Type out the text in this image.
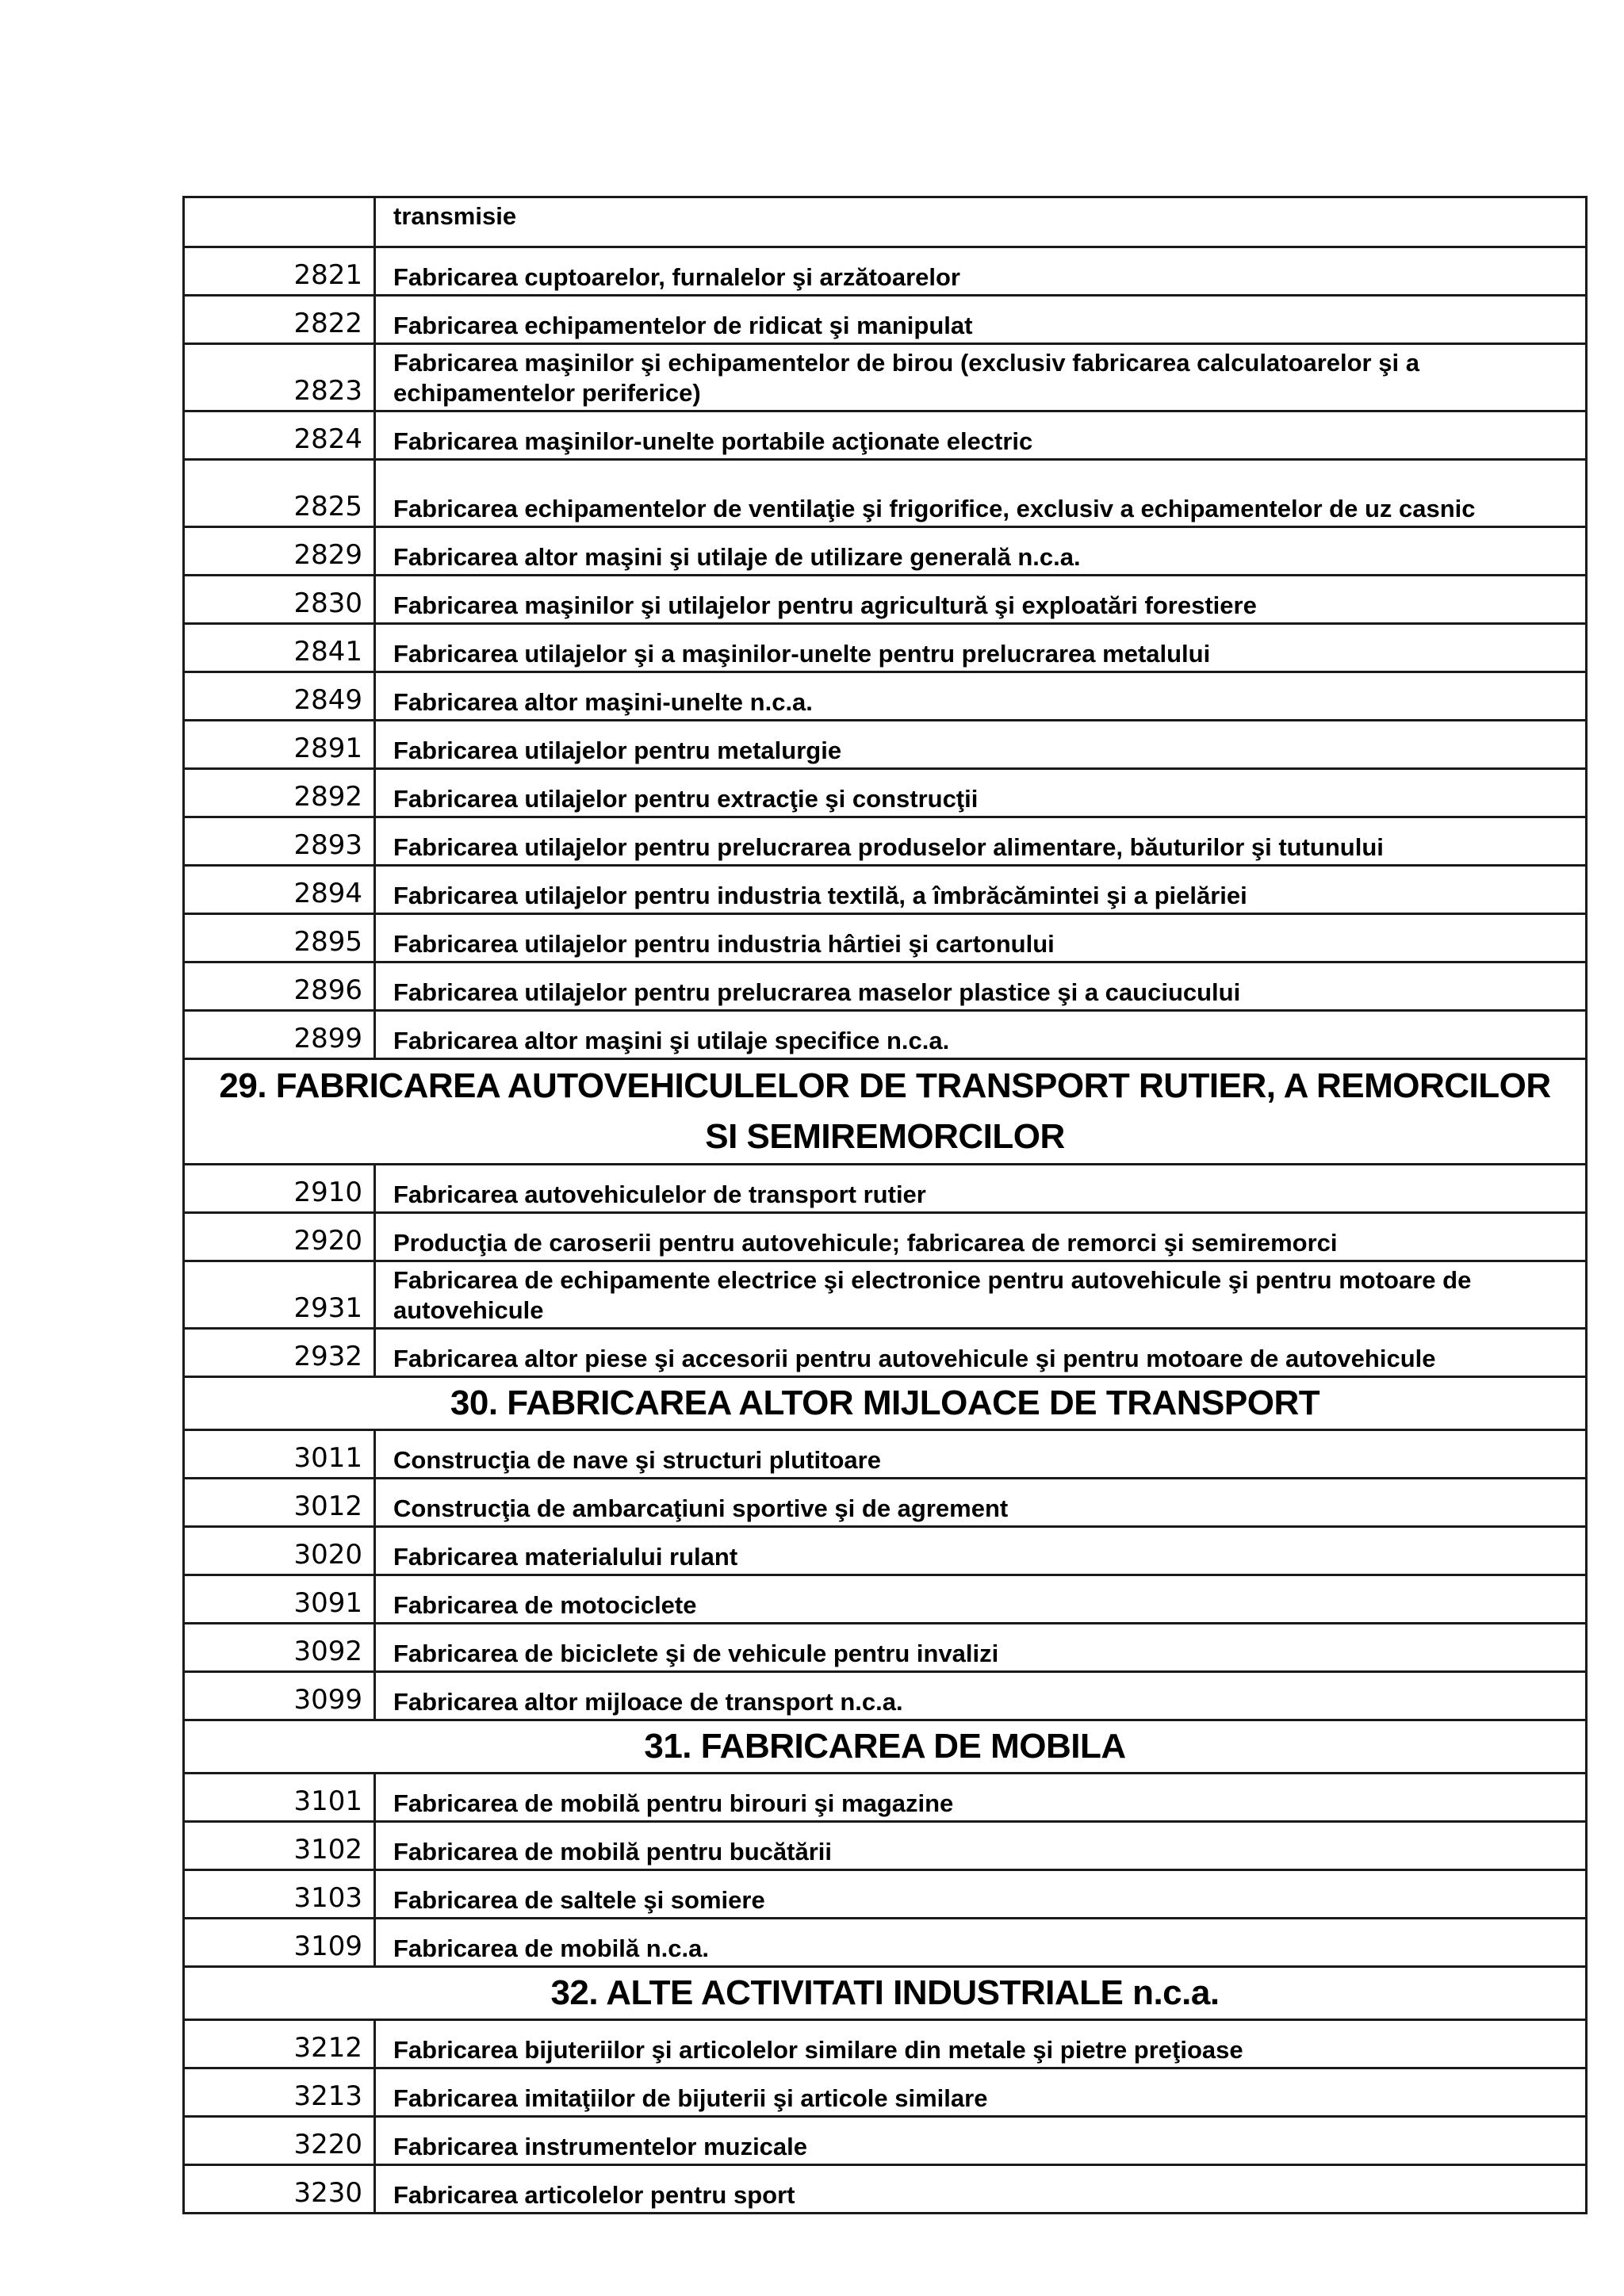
	transmisie
2821	Fabricarea cuptoarelor, furnalelor şi arzătoarelor
2822	Fabricarea echipamentelor de ridicat şi manipulat
2823	Fabricarea maşinilor şi echipamentelor de birou (exclusiv fabricarea calculatoarelor şi a echipamentelor periferice)
2824	Fabricarea maşinilor-unelte portabile acţionate electric
2825	Fabricarea echipamentelor de ventilaţie şi frigorifice, exclusiv a echipamentelor de uz casnic
2829	Fabricarea altor maşini şi utilaje de utilizare generală n.c.a.
2830	Fabricarea maşinilor şi utilajelor pentru agricultură şi exploatări forestiere
2841	Fabricarea utilajelor şi a maşinilor-unelte pentru prelucrarea metalului
2849	Fabricarea altor maşini-unelte n.c.a.
2891	Fabricarea utilajelor pentru metalurgie
2892	Fabricarea utilajelor pentru extracţie şi construcţii
2893	Fabricarea utilajelor pentru prelucrarea produselor alimentare, băuturilor şi tutunului
2894	Fabricarea utilajelor pentru industria textilă, a îmbrăcămintei şi a pielăriei
2895	Fabricarea utilajelor pentru industria hârtiei şi cartonului
2896	Fabricarea utilajelor pentru prelucrarea maselor plastice şi a cauciucului
2899	Fabricarea altor maşini şi utilaje specifice n.c.a.
29. FABRICAREA AUTOVEHICULELOR DE TRANSPORT RUTIER, A REMORCILOR SI SEMIREMORCILOR	
2910	Fabricarea autovehiculelor de transport rutier
2920	Producţia de caroserii pentru autovehicule; fabricarea de remorci şi semiremorci
2931	Fabricarea de echipamente electrice şi electronice pentru autovehicule şi pentru motoare de autovehicule
2932	Fabricarea altor piese şi accesorii pentru autovehicule şi pentru motoare de autovehicule
30. FABRICAREA ALTOR MIJLOACE DE TRANSPORT	
3011	Construcţia de nave şi structuri plutitoare
3012	Construcţia de ambarcaţiuni sportive şi de agrement
3020	Fabricarea materialului rulant
3091	Fabricarea de motociclete
3092	Fabricarea de biciclete şi de vehicule pentru invalizi
3099	Fabricarea altor mijloace de transport n.c.a.
31. FABRICAREA DE MOBILA	
3101	Fabricarea de mobilă pentru birouri şi magazine
3102	Fabricarea de mobilă pentru bucătării
3103	Fabricarea de saltele şi somiere
3109	Fabricarea de mobilă n.c.a.
32. ALTE ACTIVITATI INDUSTRIALE n.c.a.	
3212	Fabricarea bijuteriilor şi articolelor similare din metale şi pietre preţioase
3213	Fabricarea imitaţiilor de bijuterii şi articole similare
3220	Fabricarea instrumentelor muzicale
3230	Fabricarea articolelor pentru sport
